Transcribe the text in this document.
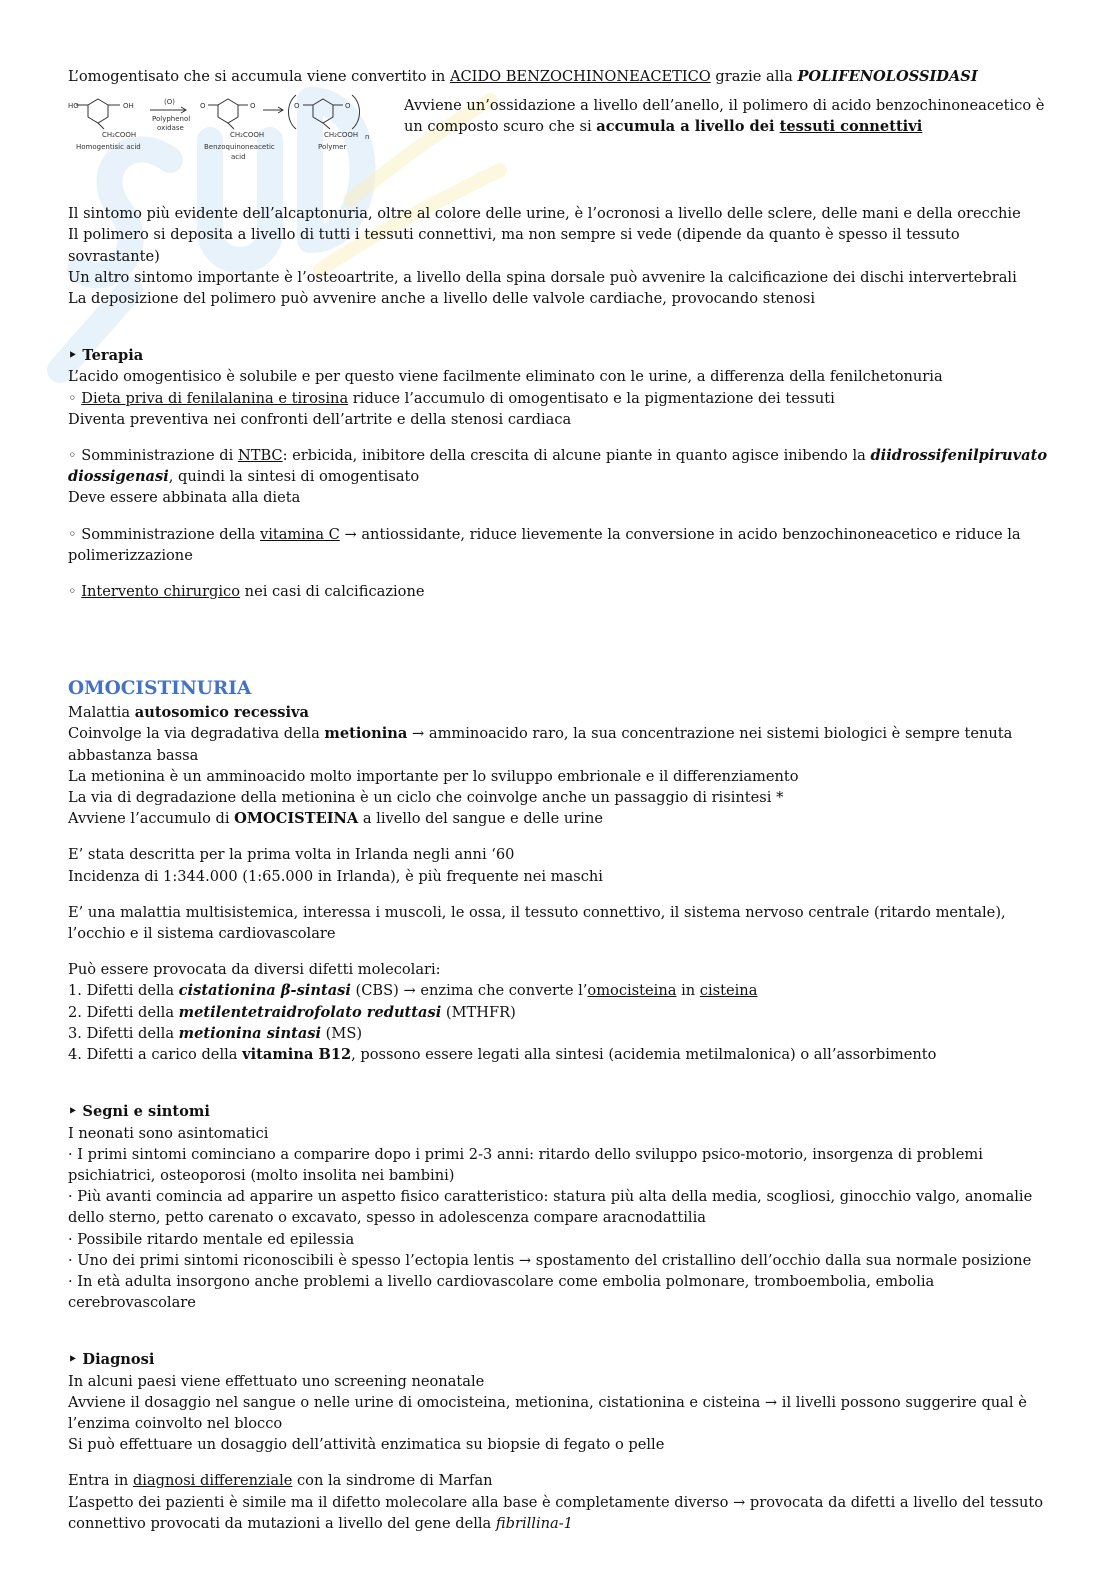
L’omogentisato che si accumula viene convertito in ACIDO BENZOCHINONEACETICO grazie alla POLIFENOLOSSIDASI

HO	OH
CH₂COOH
(O)
Polyphenol
oxidase
Homogentisic acid
O	O
CH₂COOH
Benzoquinoneacetic
acid
O	O
CH₂COOH n
Polymer

Avviene un’ossidazione a livello dell’anello, il polimero di acido benzochinoneacetico è un composto scuro che si accumula a livello dei tessuti connettivi

Il sintomo più evidente dell’alcaptonuria, oltre al colore delle urine, è l’ocronosi a livello delle sclere, delle mani e della orecchie

Il polimero si deposita a livello di tutti i tessuti connettivi, ma non sempre si vede (dipende da quanto è spesso il tessuto sovrastante)

Un altro sintomo importante è l’osteoartrite, a livello della spina dorsale può avvenire la calcificazione dei dischi intervertebrali

La deposizione del polimero può avvenire anche a livello delle valvole cardiache, provocando stenosi

‣ Terapia

L’acido omogentisico è solubile e per questo viene facilmente eliminato con le urine, a differenza della fenilchetonuria

◦ Dieta priva di fenilalanina e tirosina riduce l’accumulo di omogentisato e la pigmentazione dei tessuti

Diventa preventiva nei confronti dell’artrite e della stenosi cardiaca

◦ Somministrazione di NTBC: erbicida, inibitore della crescita di alcune piante in quanto agisce inibendo la diidrossifenilpiruvato diossigenasi, quindi la sintesi di omogentisato

Deve essere abbinata alla dieta

◦ Somministrazione della vitamina C → antiossidante, riduce lievemente la conversione in acido benzochinoneacetico e riduce la polimerizzazione

◦ Intervento chirurgico nei casi di calcificazione

OMOCISTINURIA

Malattia autosomico recessiva

Coinvolge la via degradativa della metionina → amminoacido raro, la sua concentrazione nei sistemi biologici è sempre tenuta abbastanza bassa

La metionina è un amminoacido molto importante per lo sviluppo embrionale e il differenziamento

La via di degradazione della metionina è un ciclo che coinvolge anche un passaggio di risintesi *

Avviene l’accumulo di OMOCISTEINA a livello del sangue e delle urine

E’ stata descritta per la prima volta in Irlanda negli anni ‘60

Incidenza di 1:344.000 (1:65.000 in Irlanda), è più frequente nei maschi

E’ una malattia multisistemica, interessa i muscoli, le ossa, il tessuto connettivo, il sistema nervoso centrale (ritardo mentale), l’occhio e il sistema cardiovascolare

Può essere provocata da diversi difetti molecolari:

1. Difetti della cistationina β-sintasi (CBS) → enzima che converte l’omocisteina in cisteina

2. Difetti della metilentetraidrofolato reduttasi (MTHFR)

3. Difetti della metionina sintasi (MS)

4. Difetti a carico della vitamina B12, possono essere legati alla sintesi (acidemia metilmalonica) o all’assorbimento

‣ Segni e sintomi

I neonati sono asintomatici

· I primi sintomi cominciano a comparire dopo i primi 2-3 anni: ritardo dello sviluppo psico-motorio, insorgenza di problemi psichiatrici, osteoporosi (molto insolita nei bambini)

· Più avanti comincia ad apparire un aspetto fisico caratteristico: statura più alta della media, scogliosi, ginocchio valgo, anomalie dello sterno, petto carenato o excavato, spesso in adolescenza compare aracnodattilia

· Possibile ritardo mentale ed epilessia

· Uno dei primi sintomi riconoscibili è spesso l’ectopia lentis → spostamento del cristallino dell’occhio dalla sua normale posizione

· In età adulta insorgono anche problemi a livello cardiovascolare come embolia polmonare, tromboembolia, embolia cerebrovascolare

‣ Diagnosi

In alcuni paesi viene effettuato uno screening neonatale

Avviene il dosaggio nel sangue o nelle urine di omocisteina, metionina, cistationina e cisteina → il livelli possono suggerire qual è l’enzima coinvolto nel blocco

Si può effettuare un dosaggio dell’attività enzimatica su biopsie di fegato o pelle

Entra in diagnosi differenziale con la sindrome di Marfan

L’aspetto dei pazienti è simile ma il difetto molecolare alla base è completamente diverso → provocata da difetti a livello del tessuto connettivo provocati da mutazioni a livello del gene della fibrillina-1
